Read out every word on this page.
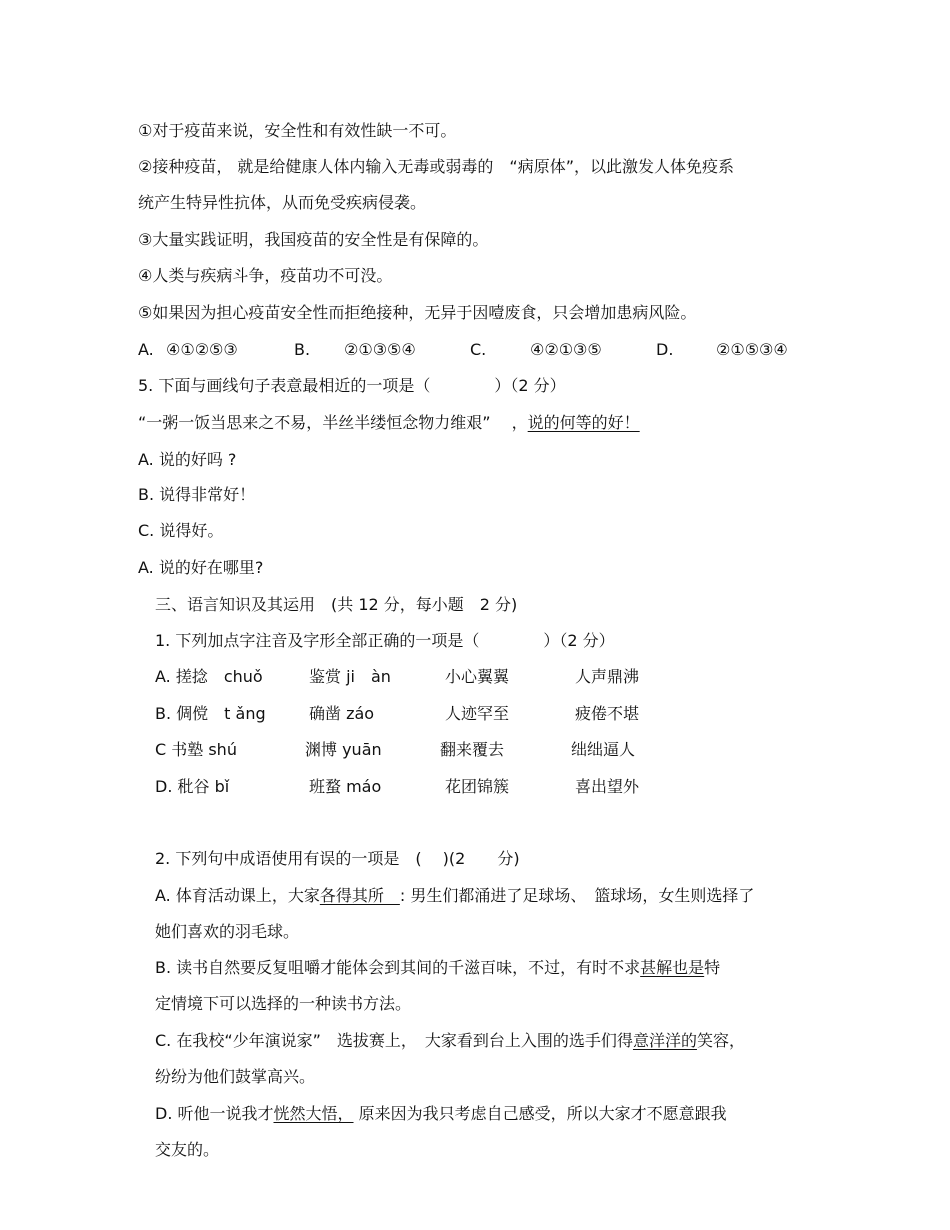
①对于疫苗来说，安全性和有效性缺一不可。
②接种疫苗， 就是给健康人体内输入无毒或弱毒的　“病原体”，以此激发人体免疫系
统产生特异性抗体，从而免受疾病侵袭。
③大量实践证明，我国疫苗的安全性是有保障的。
④人类与疾病斗争，疫苗功不可没。
⑤如果因为担心疫苗安全性而拒绝接种，无异于因噎废食，只会增加患病风险。
A. ④①②⑤③	B. ②①③⑤④	C.	④②①③⑤	D.	②①⑤③④
5. 下面与画线句子表意最相近的一项是（　　　　）（2 分）
“一粥一饭当思来之不易，半丝半缕恒念物力维艰”　 ，说的何等的好！
A. 说的好吗 ?
B. 说得非常好！
C. 说得好。
A. 说的好在哪里?
三、语言知识及其运用　(共 12 分，每小题　2 分)
1. 下列加点字注音及字形全部正确的一项是（　　　　）（2 分）
A. 搓捻　chuǒ	鉴赏 ji　àn	小心翼翼	人声鼎沸
B. 倜傥　t ǎng	确凿 záo	人迹罕至	疲倦不堪
C 书塾 shú	渊博 yuān	翻来覆去	绌绌逼人
D. 秕谷 bǐ	班蝥 máo	花团锦簇	喜出望外
2. 下列句中成语使用有误的一项是　(　 )(2　　分)
A. 体育活动课上，大家各得其所　: 男生们都涌进了足球场、　篮球场，女生则选择了
她们喜欢的羽毛球。
B. 读书自然要反复咀嚼才能体会到其间的千滋百味，不过，有时不求甚解也是特
定情境下可以选择的一种读书方法。
C. 在我校“少年演说家”　选拔赛上，　大家看到台上入围的选手们得意洋洋的笑容，
纷纷为他们鼓掌高兴。
D. 听他一说我才恍然大悟， 原来因为我只考虑自己感受，所以大家才不愿意跟我
交友的。
